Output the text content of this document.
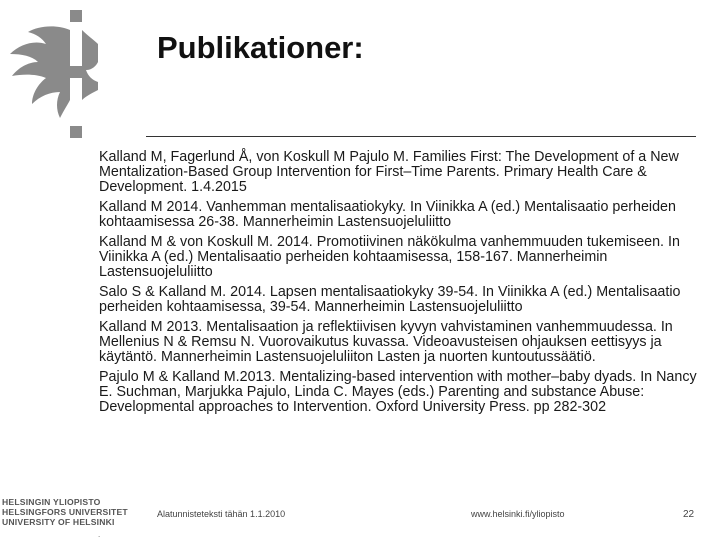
Publikationer:

Kalland M, Fagerlund Å, von Koskull M Pajulo M. Families First: The Development of a New Mentalization-Based Group Intervention for First–Time Parents. Primary Health Care & Development. 1.4.2015

Kalland M 2014. Vanhemman mentalisaatiokyky. In Viinikka A (ed.) Mentalisaatio perheiden kohtaamisessa 26-38. Mannerheimin Lastensuojeluliitto

Kalland M & von Koskull M. 2014. Promotiivinen näkökulma vanhemmuuden tukemiseen. In Viinikka A (ed.) Mentalisaatio perheiden kohtaamisessa, 158-167. Mannerheimin Lastensuojeluliitto

Salo S & Kalland M. 2014. Lapsen mentalisaatiokyky 39-54. In Viinikka A (ed.) Mentalisaatio perheiden kohtaamisessa, 39-54. Mannerheimin Lastensuojeluliitto

Kalland M 2013. Mentalisaation ja reflektiivisen kyvyn vahvistaminen vanhemmuudessa. In Mellenius N & Remsu N. Vuorovaikutus kuvassa. Videoavusteisen ohjauksen eettisyys ja käytäntö. Mannerheimin Lastensuojeluliiton Lasten ja nuorten kuntoutussäätiö.

Pajulo M & Kalland M.2013. Mentalizing-based intervention with mother–baby dyads. In Nancy E. Suchman, Marjukka Pajulo, Linda C. Mayes (eds.) Parenting and substance Abuse: Developmental approaches to Intervention. Oxford University Press. pp 282-302

HELSINGIN YLIOPISTO
HELSINGFORS UNIVERSITET
UNIVERSITY OF HELSINKI
Alatunnisteteksti tähän 1.1.2010	www.helsinki.fi/yliopisto	22
.
